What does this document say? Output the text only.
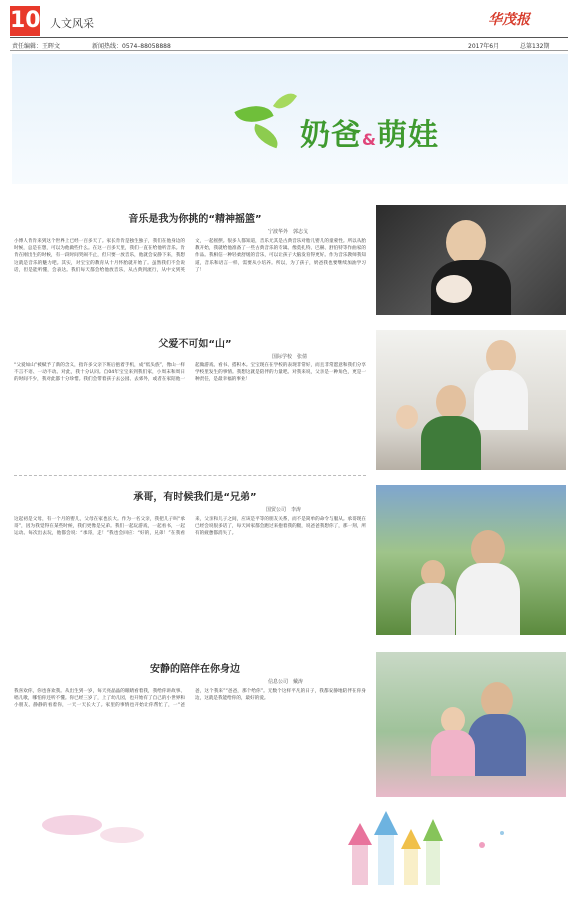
10 人文风采	华茂报
责任编辑：王晖文	新闻热线：0574–88058888	2017年6月	总第132期
奶爸&萌娃
音乐是我为你挑的“精神摇篮”
宁波华外　郭志戈
小博人肯肯来到这个世界上已经一百多天了。家长肯肯是独生独子，我们在他身边的时候，总是在想，可以为他做些什么。在这一百多天里，我们一直在给他听音乐。肯肯在刚出生的时候，有一段时间哭闹不止，但只要一放音乐，他就会安静下来，我想这就是音乐的魅力吧。其实，对宝宝的教育从十月怀胎就开始了。虽然我们不会说话，但是能听懂，会表达。我们每天都会给他放音乐，从古典到流行，从中文到英文，一起摇摆。很多人都知道，音乐尤其是古典音乐对胎儿婴儿的童蒙性。所以从胎教开始，我就给他准备了一些古典音乐的专辑。像莫扎特、巴赫、舒伯特等作曲家的作品。我相信一种轻柔舒缓的音乐，可以让孩子大脑发育得更好。作为音乐教师我知道，音乐和语言一样，需要从小培养。所以，为了孩子，奶爸我也要继续加油学习了！
父爱不可如“山”
国际学校　张倩
“父爱如山”被赋予了新的含义，指许多父亲下班后抱着手机，成“低头族”，像山一样不言不语、一动不动。对此，我十分认同。自04年宝宝来到我们家，小周末和周日的时间不少，我对此都十分珍惜。我们会带着孩子去公园、去郊外，或者在家陪他一起做游戏、看书、搭积木。宝宝现在在学校的表现非常好，而且非常愿意和我们分享学校里发生的事情。我想这就是陪伴的力量吧。对我来说，父亲是一种角色，更是一种责任，是最幸福的事业！
承哥，有时候我们是“兄弟”
国贸公司　李涛
这起初是父母，有一个月的婴儿，父母在家也长大。作为一名父亲，我把儿子叫“承哥”，因为我觉得在某些时候，我们更像是兄弟。我们一起玩游戏，一起看书，一起运动。每次出去玩，他都会说：“承哥，走！”我也会回应：“好的，兄弟！”在我看来，父亲和儿子之间，应该是平等的朋友关系，而不是简单的命令与服从。承哥现在已经会说很多话了，每天回家都会跑过来抱着我的腿，说爸爸我想你了，那一刻，所有的疲惫都消失了。
安静的陪伴在你身边
信息公司　戴涛
我喜欢你，你也喜欢我。从出生到一岁，每天亮晶晶的眼睛看着我，我给你讲故事、唱儿歌，哪怕你还听不懂。你已经三岁了，上了幼儿园，也开始有了自己的小世界和小朋友。静静的看着你，一天一天长大了。家里的事情也开始让你帮忙了，一“爸爸，这个我来”“爸爸，那个给你”。无数个这样平凡的日子，我都安静地陪伴在你身边，这就是我能给你的，最好的爱。
